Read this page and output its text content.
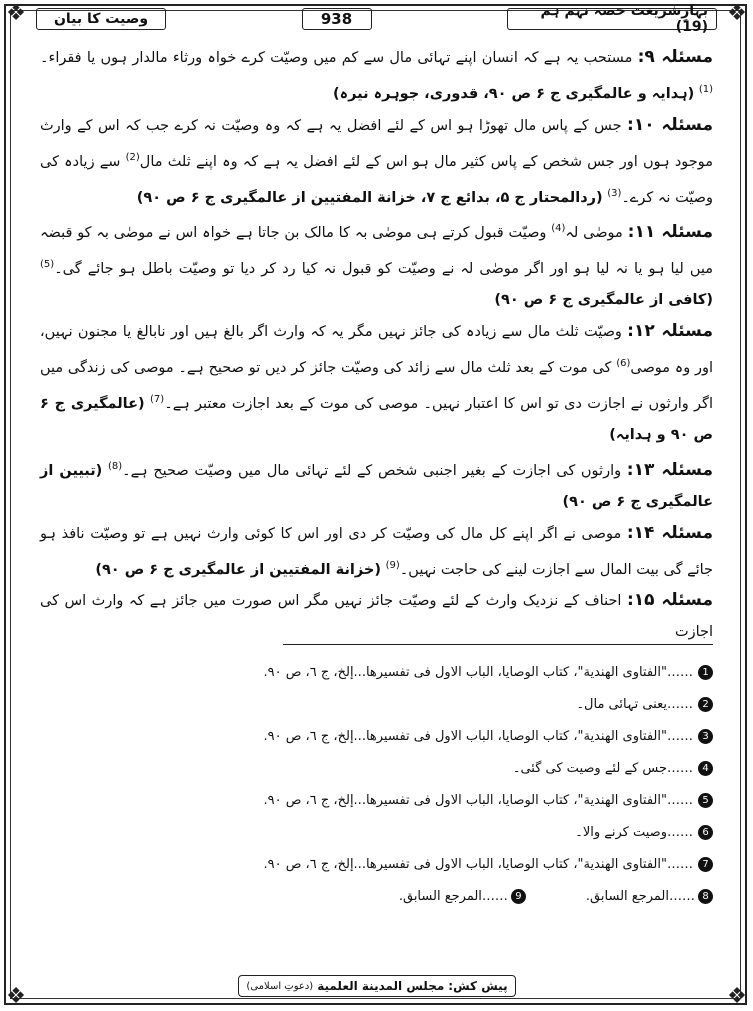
❖	❖
❖	❖
وصیت کا بیان	938	بہارِشریعت حصہ نہم ہم (19)

مسئلہ ۹: مستحب یہ ہے کہ انسان اپنے تہائی مال سے کم میں وصیّت کرے خواہ ورثاء مالدار ہوں یا فقراء۔$^{(1)}$ (ہدایہ و عالمگیری ج ۶ ص ۹۰، قدوری، جوہرہ نیرہ)

مسئلہ ۱۰: جس کے پاس مال تھوڑا ہو اس کے لئے افضل یہ ہے کہ وہ وصیّت نہ کرے جب کہ اس کے وارث موجود ہوں اور جس شخص کے پاس کثیر مال ہو اس کے لئے افضل یہ ہے کہ وہ اپنے ثلث مال$^{(2)}$ سے زیادہ کی وصیّت نہ کرے۔$^{(3)}$ (ردالمحتار ج ۵، بدائع ج ۷، خزانة المفتيين از عالمگیری ج ۶ ص ۹۰)

مسئلہ ۱۱: موصٰی لہ$^{(4)}$ وصیّت قبول کرتے ہی موصٰی بہ کا مالک بن جاتا ہے خواہ اس نے موصٰی بہ کو قبضہ میں لیا ہو یا نہ لیا ہو اور اگر موصٰی لہ نے وصیّت کو قبول نہ کیا رد کر دیا تو وصیّت باطل ہو جائے گی۔$^{(5)}$ (کافی از عالمگیری ج ۶ ص ۹۰)

مسئلہ ۱۲: وصیّت ثلث مال سے زیادہ کی جائز نہیں مگر یہ کہ وارث اگر بالغ ہیں اور نابالغ یا مجنون نہیں، اور وہ موصی$^{(6)}$ کی موت کے بعد ثلث مال سے زائد کی وصیّت جائز کر دیں تو صحیح ہے۔ موصی کی زندگی میں اگر وارثوں نے اجازت دی تو اس کا اعتبار نہیں۔ موصی کی موت کے بعد اجازت معتبر ہے۔$^{(7)}$ (عالمگیری ج ۶ ص ۹۰ و ہدایہ)

مسئلہ ۱۳: وارثوں کی اجازت کے بغیر اجنبی شخص کے لئے تہائی مال میں وصیّت صحیح ہے۔$^{(8)}$ (تبیین از عالمگیری ج ۶ ص ۹۰)

مسئلہ ۱۴: موصی نے اگر اپنے کل مال کی وصیّت کر دی اور اس کا کوئی وارث نہیں ہے تو وصیّت نافذ ہو جائے گی بیت المال سے اجازت لینے کی حاجت نہیں۔$^{(9)}$ (خزانة المفتيين از عالمگیری ج ۶ ص ۹۰)

مسئلہ ۱۵: احناف کے نزدیک وارث کے لئے وصیّت جائز نہیں مگر اس صورت میں جائز ہے کہ وارث اس کی اجازت

1
……"الفتاوی الهندية"، كتاب الوصايا، الباب الاول فی تفسيرها...إلخ، ج ٦، ص ٩٠.
2
……یعنی تہائی مال۔
3
……"الفتاوی الهندية"، كتاب الوصايا، الباب الاول فی تفسيرها...إلخ، ج ٦، ص ٩٠.
4
……جس کے لئے وصیت کی گئی۔
5
……"الفتاوی الهندية"، كتاب الوصايا، الباب الاول فی تفسيرها...إلخ، ج ٦، ص ٩٠.
6
……وصیت کرنے والا۔
7
……"الفتاوی الهندية"، كتاب الوصايا، الباب الاول فی تفسيرها...إلخ، ج ٦، ص ٩٠.
8
……المرجع السابق.
9
……المرجع السابق.
پیش کش:
مجلس المدينة العلمية
(دعوتِ اسلامی)
